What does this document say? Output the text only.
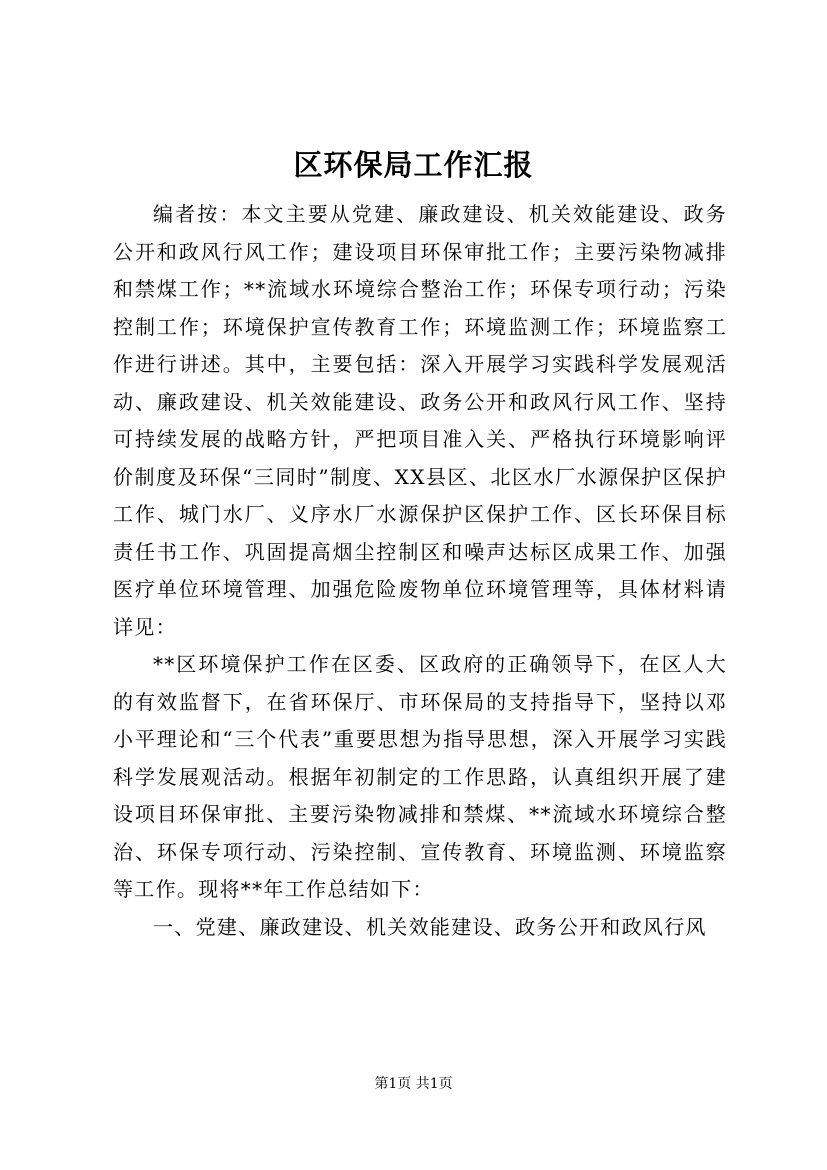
区环保局工作汇报

编者按：本文主要从党建、廉政建设、机关效能建设、政务公开和政风行风工作；建设项目环保审批工作；主要污染物减排和禁煤工作；**流域水环境综合整治工作；环保专项行动；污染控制工作；环境保护宣传教育工作；环境监测工作；环境监察工作进行讲述。其中，主要包括：深入开展学习实践科学发展观活动、廉政建设、机关效能建设、政务公开和政风行风工作、坚持可持续发展的战略方针，严把项目准入关、严格执行环境影响评价制度及环保“三同时”制度、XX县区、北区水厂水源保护区保护工作、城门水厂、义序水厂水源保护区保护工作、区长环保目标责任书工作、巩固提高烟尘控制区和噪声达标区成果工作、加强医疗单位环境管理、加强危险废物单位环境管理等，具体材料请详见：

**区环境保护工作在区委、区政府的正确领导下，在区人大的有效监督下，在省环保厅、市环保局的支持指导下，坚持以邓小平理论和“三个代表”重要思想为指导思想，深入开展学习实践科学发展观活动。根据年初制定的工作思路，认真组织开展了建设项目环保审批、主要污染物减排和禁煤、**流域水环境综合整治、环保专项行动、污染控制、宣传教育、环境监测、环境监察等工作。现将**年工作总结如下：

一、党建、廉政建设、机关效能建设、政务公开和政风行风

第1页 共1页
